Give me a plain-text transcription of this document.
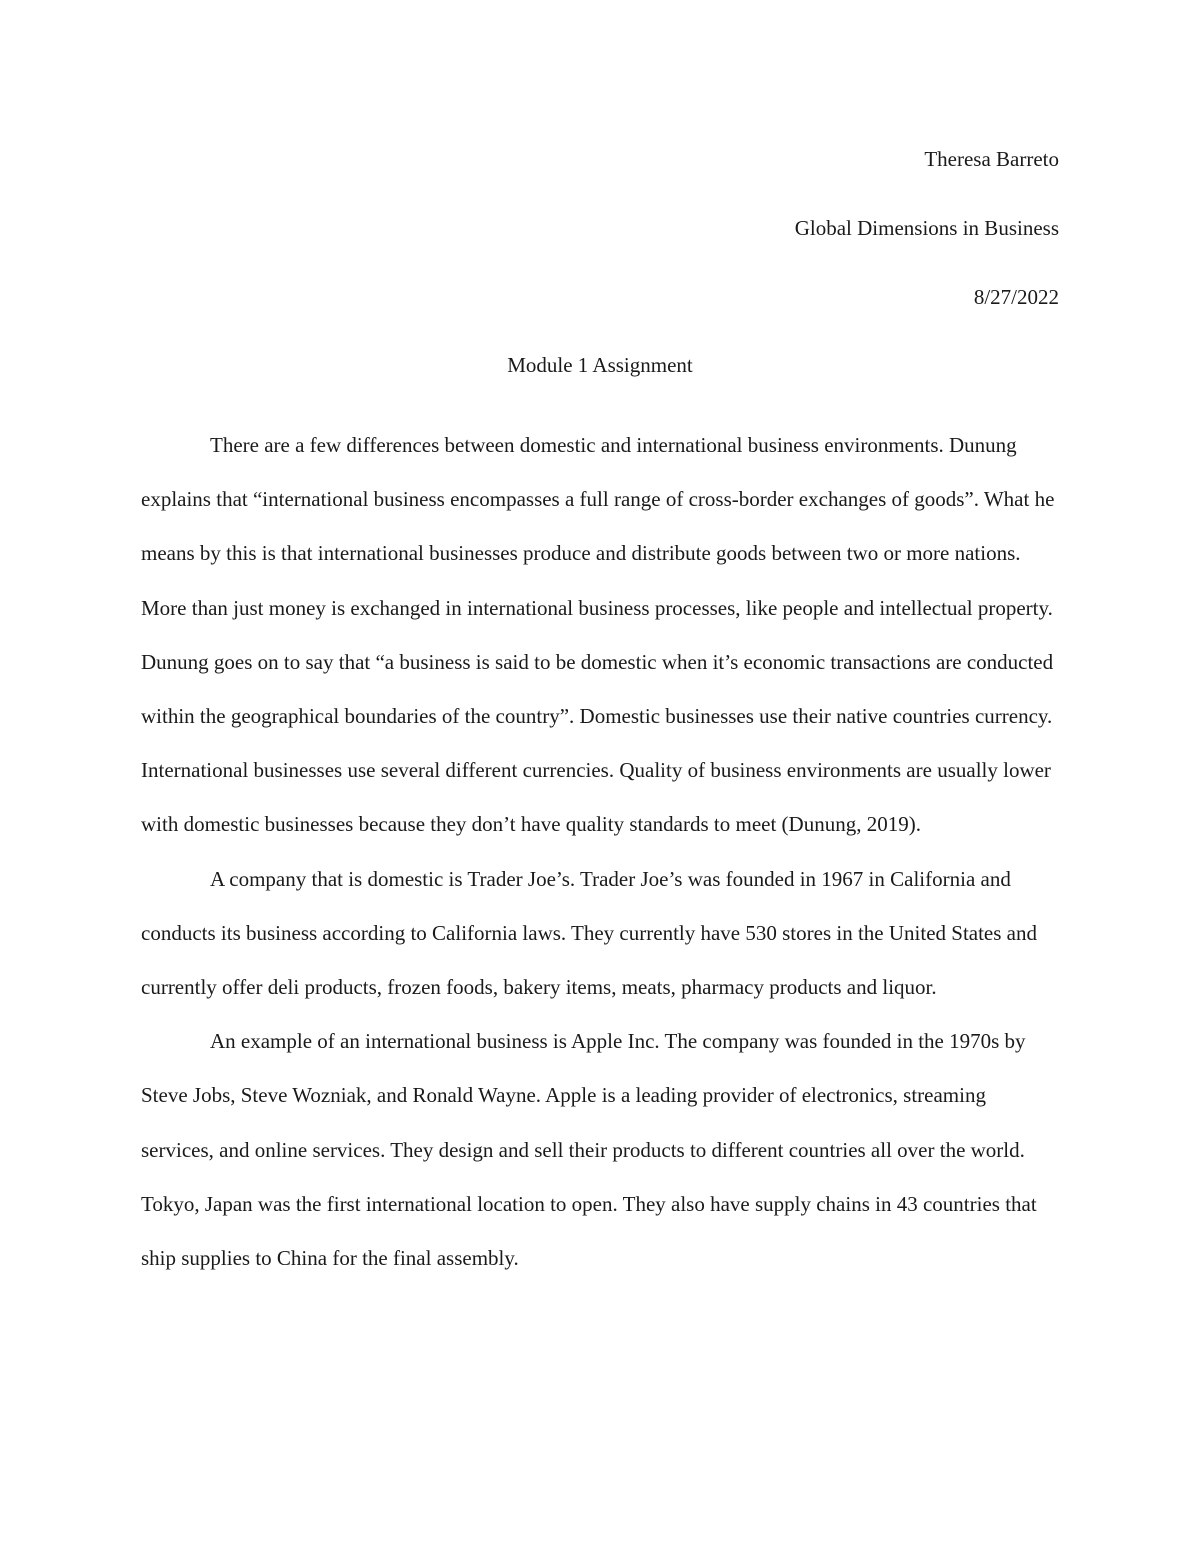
Theresa Barreto
Global Dimensions in Business
8/27/2022
Module 1 Assignment

There are a few differences between domestic and international business environments. Dunung explains that “international business encompasses a full range of cross-border exchanges of goods”. What he means by this is that international businesses produce and distribute goods between two or more nations. More than just money is exchanged in international business processes, like people and intellectual property. Dunung goes on to say that “a business is said to be domestic when it’s economic transactions are conducted within the geographical boundaries of the country”. Domestic businesses use their native countries currency. International businesses use several different currencies. Quality of business environments are usually lower with domestic businesses because they don’t have quality standards to meet (Dunung, 2019).

A company that is domestic is Trader Joe’s. Trader Joe’s was founded in 1967 in California and conducts its business according to California laws. They currently have 530 stores in the United States and currently offer deli products, frozen foods, bakery items, meats, pharmacy products and liquor.

An example of an international business is Apple Inc. The company was founded in the 1970s by Steve Jobs, Steve Wozniak, and Ronald Wayne. Apple is a leading provider of electronics, streaming services, and online services. They design and sell their products to different countries all over the world. Tokyo, Japan was the first international location to open. They also have supply chains in 43 countries that ship supplies to China for the final assembly.
